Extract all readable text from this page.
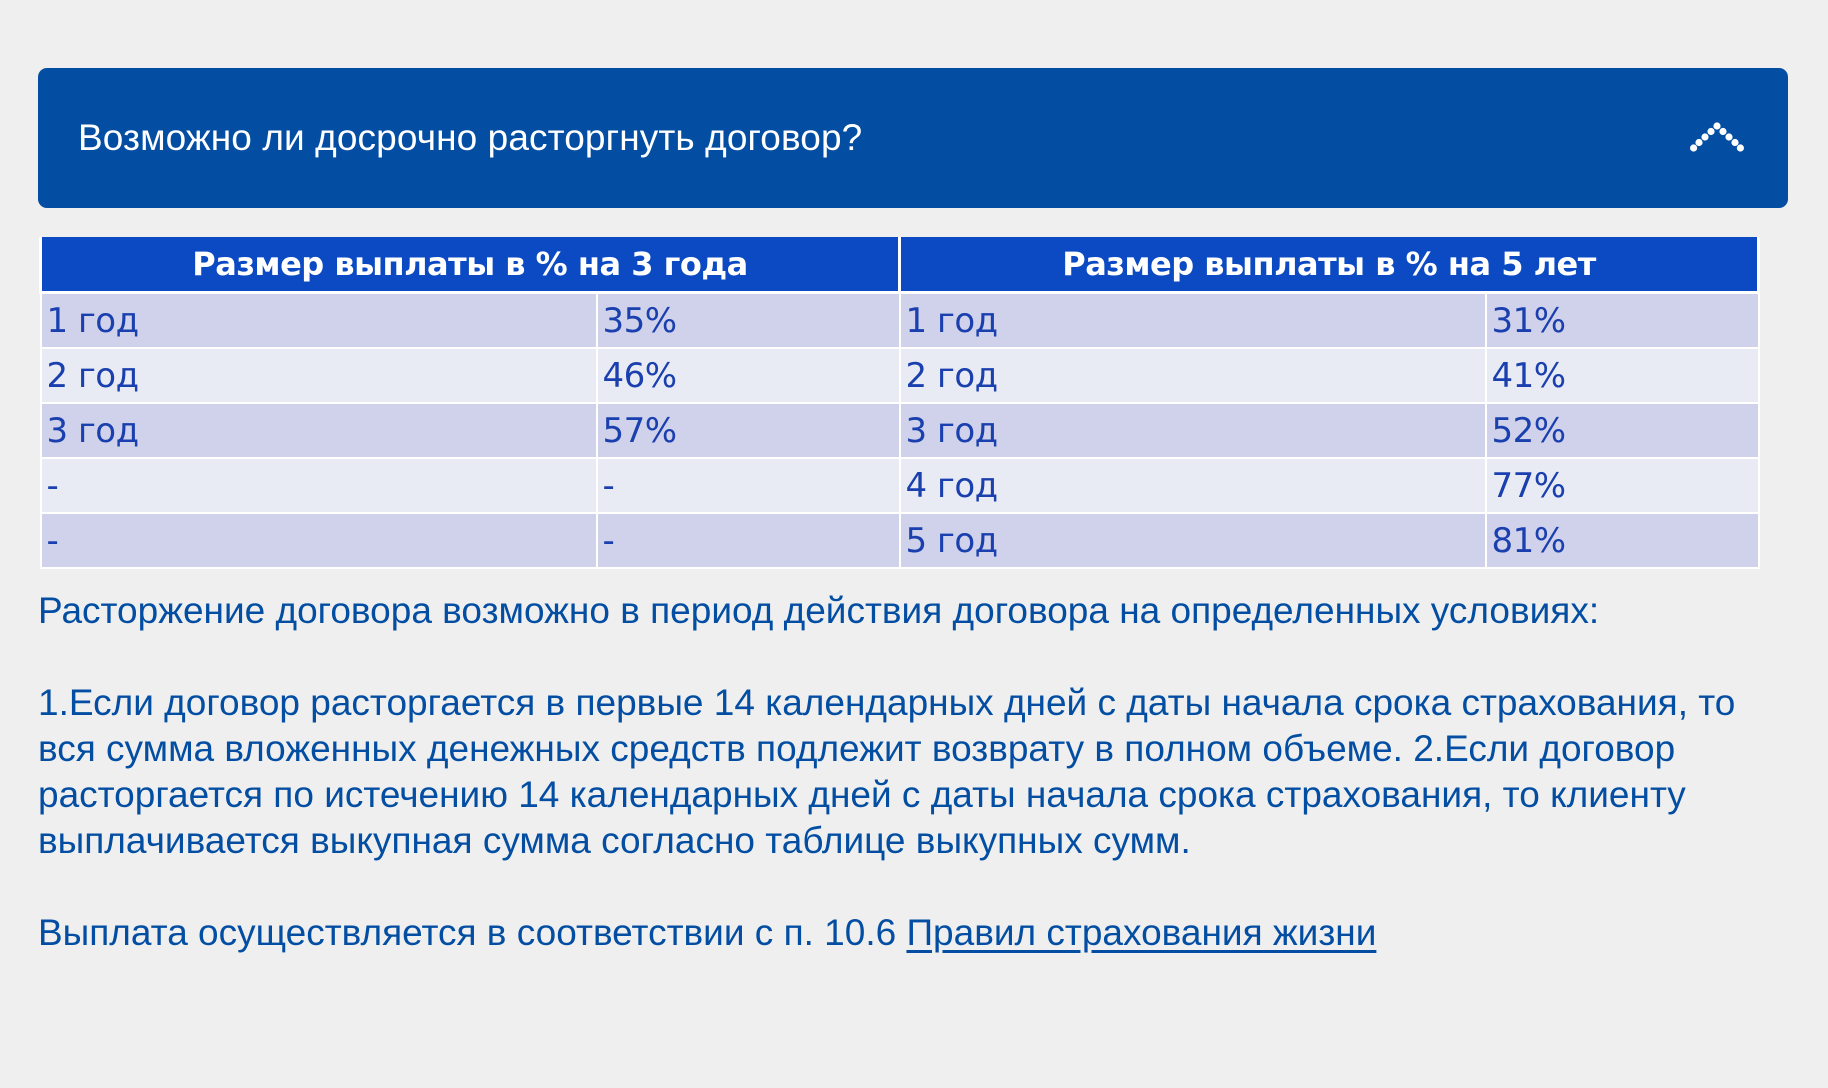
Возможно ли досрочно расторгнуть договор?
Размер выплаты в % на 3 года		Размер выплаты в % на 5 лет	
1 год	35%	1 год	31%
2 год	46%	2 год	41%
3 год	57%	3 год	52%
-	-	4 год	77%
-	-	5 год	81%

Расторжение договора возможно в период действия договора на определенных условиях:

1.Если договор расторгается в первые 14 календарных дней с даты начала срока страхования, то вся сумма вложенных денежных средств подлежит возврату в полном объеме. 2.Если договор расторгается по истечению 14 календарных дней с даты начала срока страхования, то клиенту выплачивается выкупная сумма согласно таблице выкупных сумм.

Выплата осуществляется в соответствии с п. 10.6 Правил страхования жизни
